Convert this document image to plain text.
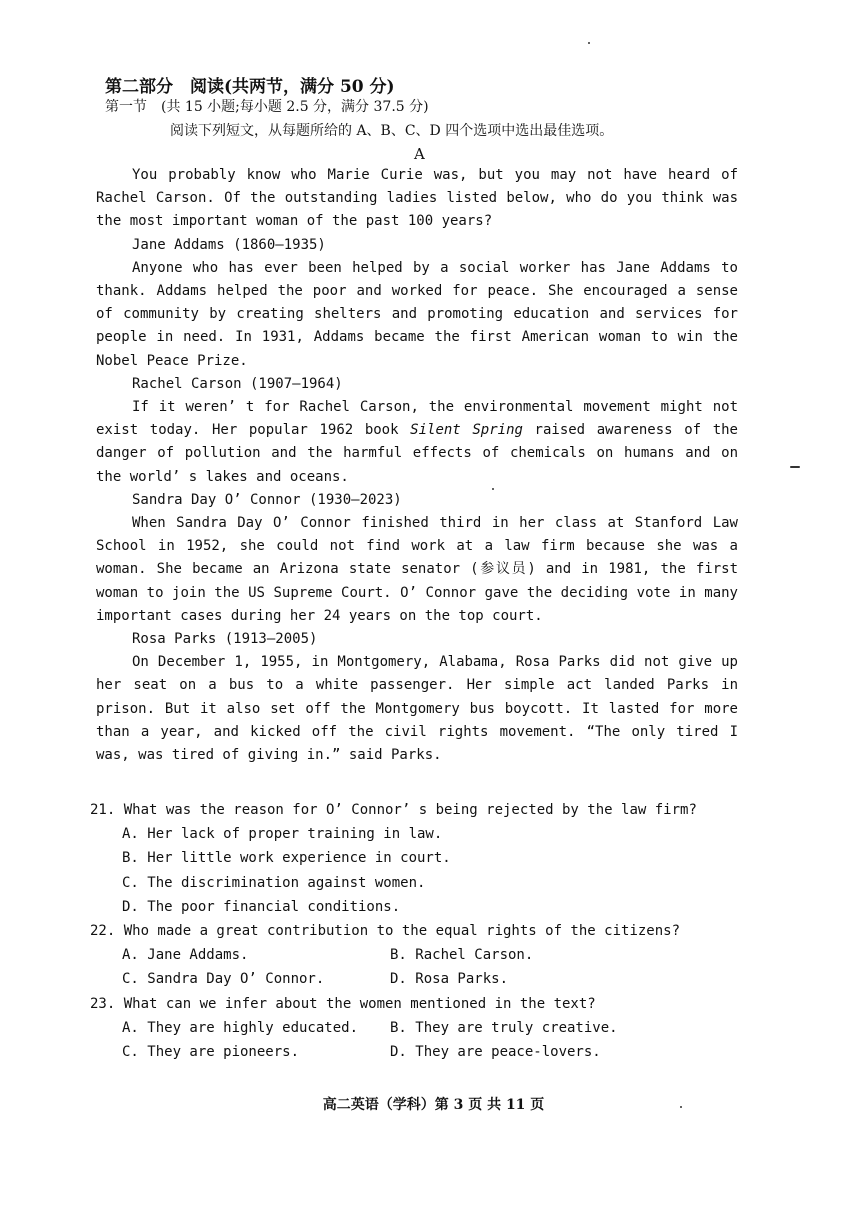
第二部分　阅读(共两节，满分 50 分)
第一节　(共 15 小题;每小题 2.5 分，满分 37.5 分)
阅读下列短文，从每题所给的 A、B、C、D 四个选项中选出最佳选项。
A

You probably know who Marie Curie was, but you may not have heard of Rachel Carson. Of the outstanding ladies listed below, who do you think was the most important woman of the past 100 years?

Jane Addams (1860—1935)

Anyone who has ever been helped by a social worker has Jane Addams to thank. Addams helped the poor and worked for peace. She encouraged a sense of community by creating shelters and promoting education and services for people in need. In 1931, Addams became the first American woman to win the Nobel Peace Prize.

Rachel Carson (1907—1964)

If it weren’ t for Rachel Carson, the environmental movement might not exist today. Her popular 1962 book Silent Spring raised awareness of the danger of pollution and the harmful effects of chemicals on humans and on the world’ s lakes and oceans.

Sandra Day O’ Connor (1930—2023)

When Sandra Day O’ Connor finished third in her class at Stanford Law School in 1952, she could not find work at a law firm because she was a woman. She became an Arizona state senator (参议员) and in 1981, the first woman to join the US Supreme Court. O’ Connor gave the deciding vote in many important cases during her 24 years on the top court.

Rosa Parks (1913—2005)

On December 1, 1955, in Montgomery, Alabama, Rosa Parks did not give up her seat on a bus to a white passenger. Her simple act landed Parks in prison. But it also set off the Montgomery bus boycott. It lasted for more than a year, and kicked off the civil rights movement. “The only tired I was, was tired of giving in.” said Parks.

21. What was the reason for O’ Connor’ s being rejected by the law firm?
A. Her lack of proper training in law.
B. Her little work experience in court.
C. The discrimination against women.
D. The poor financial conditions.
22. Who made a great contribution to the equal rights of the citizens?
A. Jane Addams.	B. Rachel Carson.
C. Sandra Day O’ Connor.	D. Rosa Parks.
23. What can we infer about the women mentioned in the text?
A. They are highly educated.	B. They are truly creative.
C. They are pioneers.	D. They are peace-lovers.
高二英语（学科）第 3 页 共 11 页
